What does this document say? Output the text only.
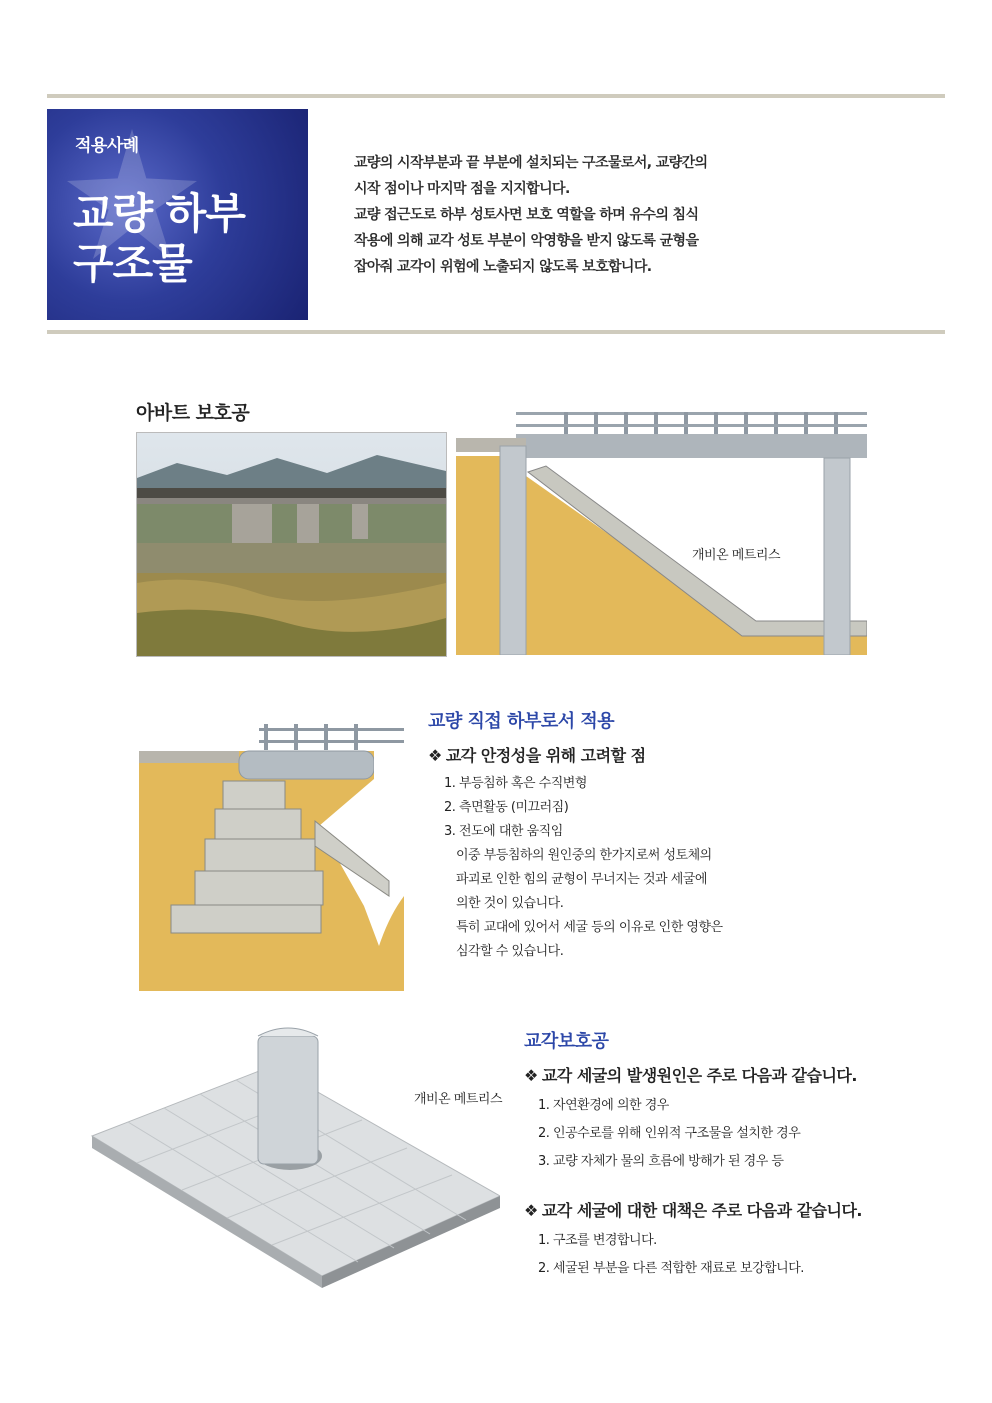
적용사례
교량 하부
구조물

교량의 시작부분과 끝 부분에 설치되는 구조물로서, 교량간의

시작 점이나 마지막 점을 지지합니다.

교량 접근도로 하부 성토사면 보호 역할을 하며 유수의 침식

작용에 의해 교각 성토 부분이 악영향을 받지 않도록 균형을

잡아줘 교각이 위험에 노출되지 않도록 보호합니다.

아바트 보호공
개비온 메트리스
교량 직접 하부로서 적용
❖ 교각 안정성을 위해 고려할 점
1. 부등침하 혹은 수직변형
2. 측면활동 (미끄러짐)
3. 전도에 대한 움직임
이중 부등침하의 원인중의 한가지로써 성토체의
파괴로 인한 힘의 균형이 무너지는 것과 세굴에
의한 것이 있습니다.
특히 교대에 있어서 세굴 등의 이유로 인한 영향은
심각할 수 있습니다.
개비온 메트리스
교각보호공
❖ 교각 세굴의 발생원인은 주로 다음과 같습니다.
1. 자연환경에 의한 경우
2. 인공수로를 위해 인위적 구조물을 설치한 경우
3. 교량 자체가 물의 흐름에 방해가 된 경우 등
❖ 교각 세굴에 대한 대책은 주로 다음과 같습니다.
1. 구조를 변경합니다.
2. 세굴된 부분을 다른 적합한 재료로 보강합니다.
